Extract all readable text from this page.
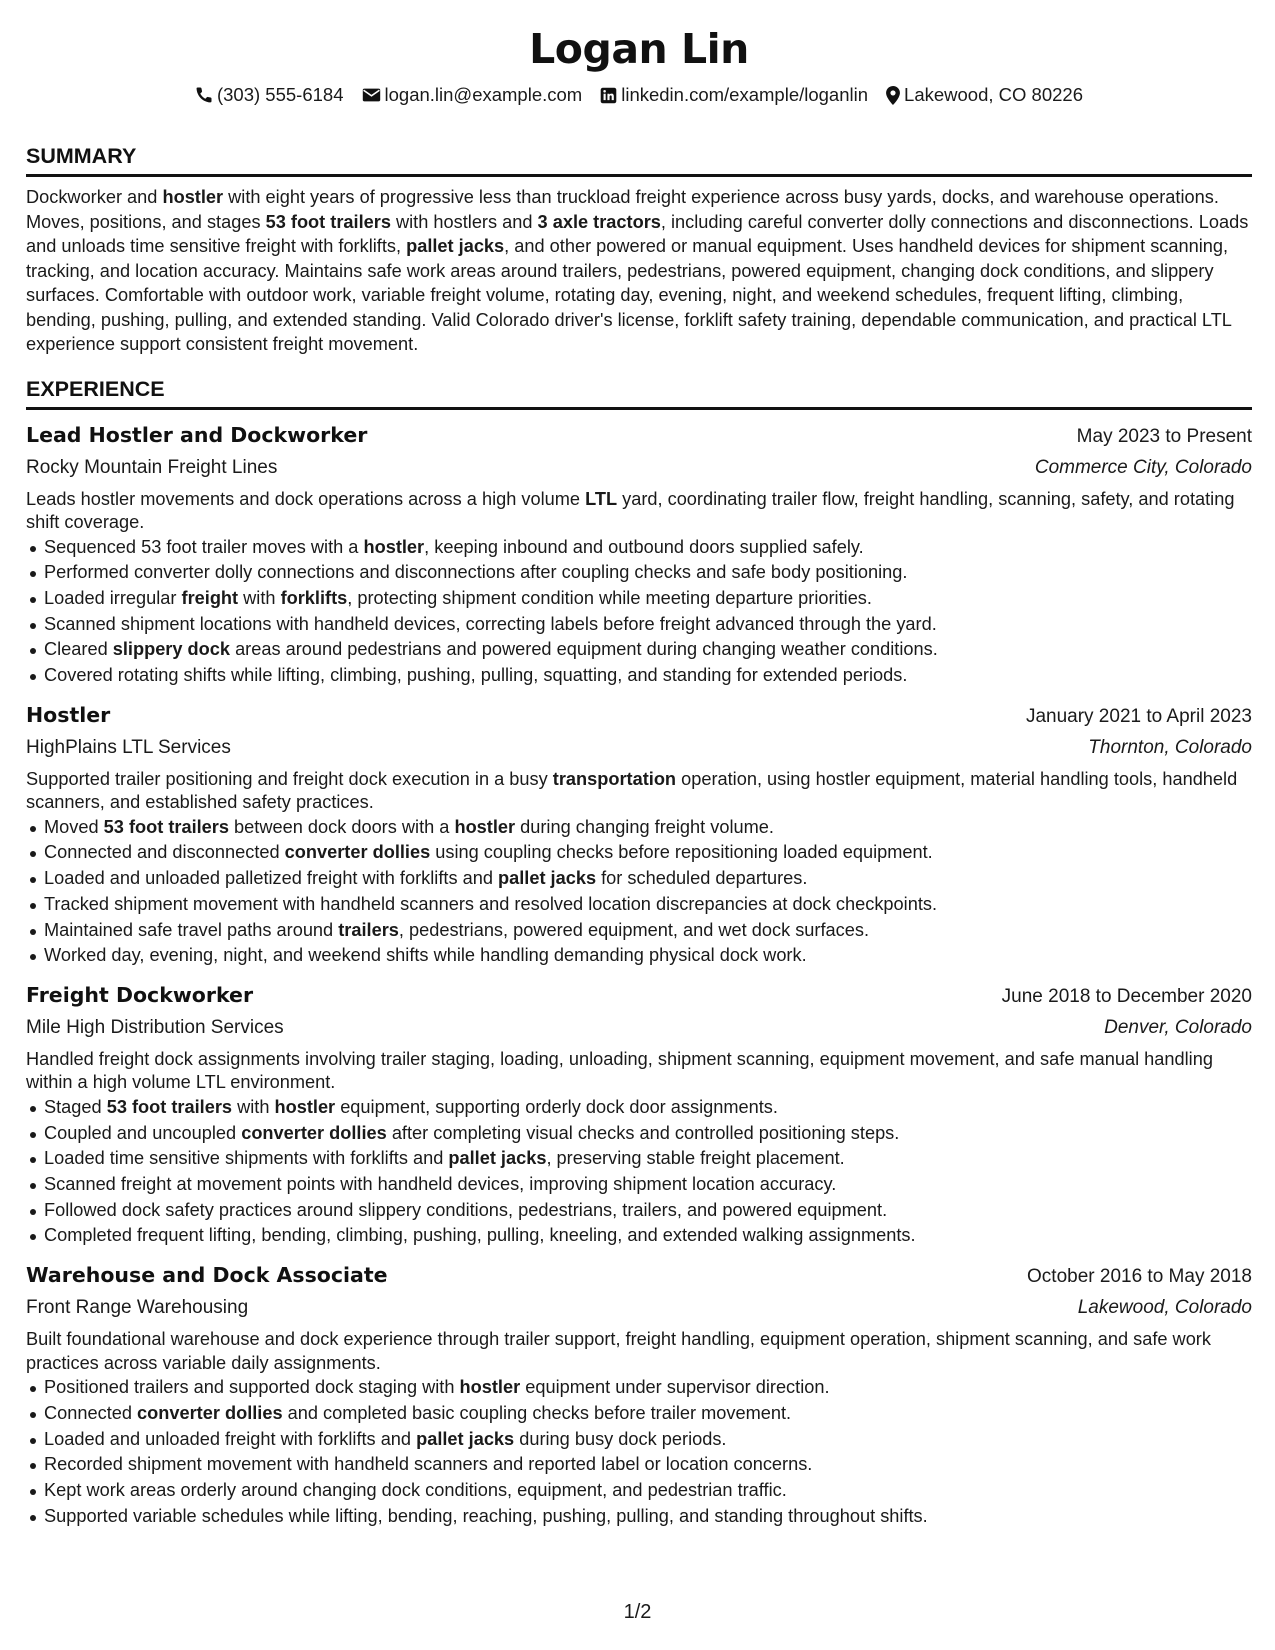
Logan Lin
(303) 555-6184 logan.lin@example.com linkedin.com/example/loganlin Lakewood, CO 80226
SUMMARY

Dockworker and hostler with eight years of progressive less than truckload freight experience across busy yards, docks, and warehouse operations. Moves, positions, and stages 53 foot trailers with hostlers and 3 axle tractors, including careful converter dolly connections and disconnections. Loads and unloads time sensitive freight with forklifts, pallet jacks, and other powered or manual equipment. Uses handheld devices for shipment scanning, tracking, and location accuracy. Maintains safe work areas around trailers, pedestrians, powered equipment, changing dock conditions, and slippery surfaces. Comfortable with outdoor work, variable freight volume, rotating day, evening, night, and weekend schedules, frequent lifting, climbing, bending, pushing, pulling, and extended standing. Valid Colorado driver's license, forklift safety training, dependable communication, and practical LTL experience support consistent freight movement.

EXPERIENCE
Lead Hostler and Dockworker	May 2023 to Present
Rocky Mountain Freight Lines	Commerce City, Colorado

Leads hostler movements and dock operations across a high volume LTL yard, coordinating trailer flow, freight handling, scanning, safety, and rotating shift coverage.

Sequenced 53 foot trailer moves with a hostler, keeping inbound and outbound doors supplied safely.
Performed converter dolly connections and disconnections after coupling checks and safe body positioning.
Loaded irregular freight with forklifts, protecting shipment condition while meeting departure priorities.
Scanned shipment locations with handheld devices, correcting labels before freight advanced through the yard.
Cleared slippery dock areas around pedestrians and powered equipment during changing weather conditions.
Covered rotating shifts while lifting, climbing, pushing, pulling, squatting, and standing for extended periods.
Hostler	January 2021 to April 2023
HighPlains LTL Services	Thornton, Colorado

Supported trailer positioning and freight dock execution in a busy transportation operation, using hostler equipment, material handling tools, handheld scanners, and established safety practices.

Moved 53 foot trailers between dock doors with a hostler during changing freight volume.
Connected and disconnected converter dollies using coupling checks before repositioning loaded equipment.
Loaded and unloaded palletized freight with forklifts and pallet jacks for scheduled departures.
Tracked shipment movement with handheld scanners and resolved location discrepancies at dock checkpoints.
Maintained safe travel paths around trailers, pedestrians, powered equipment, and wet dock surfaces.
Worked day, evening, night, and weekend shifts while handling demanding physical dock work.
Freight Dockworker	June 2018 to December 2020
Mile High Distribution Services	Denver, Colorado

Handled freight dock assignments involving trailer staging, loading, unloading, shipment scanning, equipment movement, and safe manual handling within a high volume LTL environment.

Staged 53 foot trailers with hostler equipment, supporting orderly dock door assignments.
Coupled and uncoupled converter dollies after completing visual checks and controlled positioning steps.
Loaded time sensitive shipments with forklifts and pallet jacks, preserving stable freight placement.
Scanned freight at movement points with handheld devices, improving shipment location accuracy.
Followed dock safety practices around slippery conditions, pedestrians, trailers, and powered equipment.
Completed frequent lifting, bending, climbing, pushing, pulling, kneeling, and extended walking assignments.
Warehouse and Dock Associate	October 2016 to May 2018
Front Range Warehousing	Lakewood, Colorado

Built foundational warehouse and dock experience through trailer support, freight handling, equipment operation, shipment scanning, and safe work practices across variable daily assignments.

Positioned trailers and supported dock staging with hostler equipment under supervisor direction.
Connected converter dollies and completed basic coupling checks before trailer movement.
Loaded and unloaded freight with forklifts and pallet jacks during busy dock periods.
Recorded shipment movement with handheld scanners and reported label or location concerns.
Kept work areas orderly around changing dock conditions, equipment, and pedestrian traffic.
Supported variable schedules while lifting, bending, reaching, pushing, pulling, and standing throughout shifts.
1/2
